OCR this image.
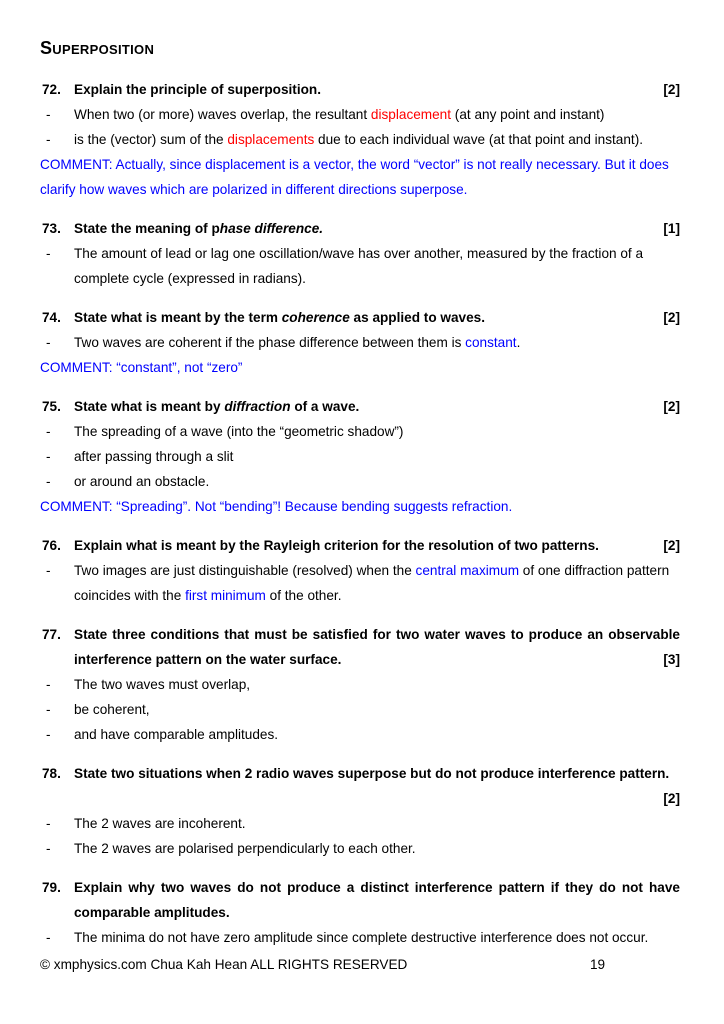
Superposition
72. Explain the principle of superposition.	[2]
-	When two (or more) waves overlap, the resultant displacement (at any point and instant)
-	is the (vector) sum of the displacements due to each individual wave (at that point and instant).
COMMENT: Actually, since displacement is a vector, the word “vector” is not really necessary. But it does clarify how waves which are polarized in different directions superpose.
73. State the meaning of phase difference.	[1]
-	The amount of lead or lag one oscillation/wave has over another, measured by the fraction of a complete cycle (expressed in radians).
74. State what is meant by the term coherence as applied to waves.	[2]
-	Two waves are coherent if the phase difference between them is constant.
COMMENT: “constant”, not “zero”
75. State what is meant by diffraction of a wave.	[2]
-	The spreading of a wave (into the “geometric shadow”)
-	after passing through a slit
-	or around an obstacle.
COMMENT: “Spreading”. Not “bending”! Because bending suggests refraction.
76. Explain what is meant by the Rayleigh criterion for the resolution of two patterns.	[2]
-	Two images are just distinguishable (resolved) when the central maximum of one diffraction pattern coincides with the first minimum of the other.
77. State three conditions that must be satisfied for two water waves to produce an observable interference pattern on the water surface.	[3]
-	The two waves must overlap,
-	be coherent,
-	and have comparable amplitudes.
78. State two situations when 2 radio waves superpose but do not produce interference pattern.
[2]
-	The 2 waves are incoherent.
-	The 2 waves are polarised perpendicularly to each other.
79. Explain why two waves do not produce a distinct interference pattern if they do not have comparable amplitudes.
-	The minima do not have zero amplitude since complete destructive interference does not occur.
© xmphysics.com Chua Kah Hean ALL RIGHTS RESERVED	19
